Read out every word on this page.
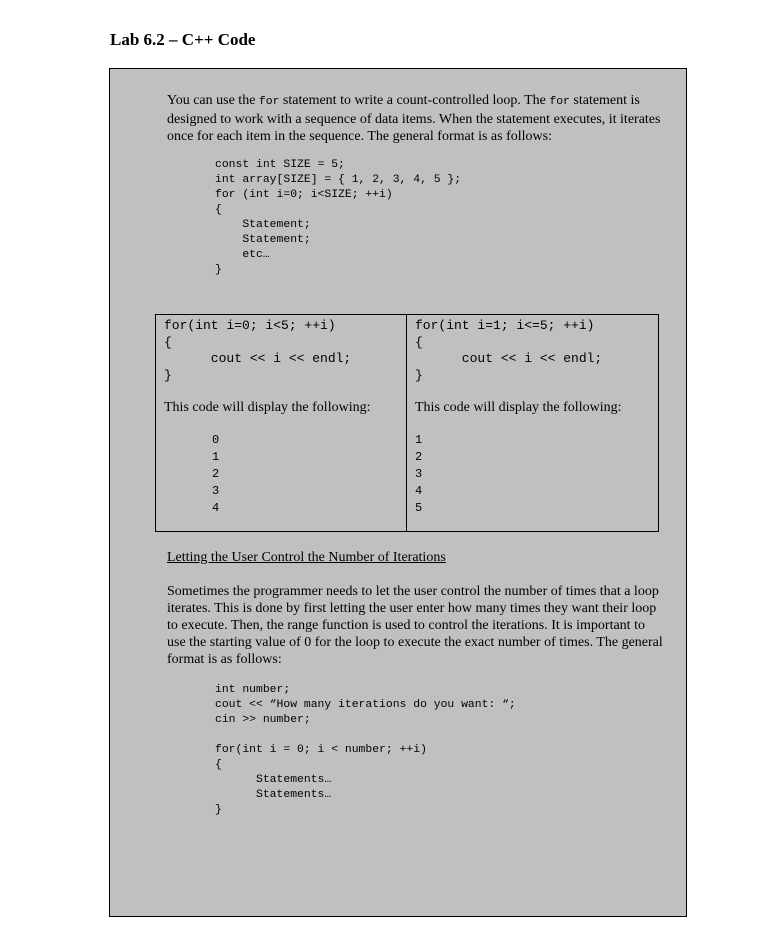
Lab 6.2 – C++ Code
You can use the for statement to write a count-controlled loop. The for statement is designed to work with a sequence of data items. When the statement executes, it iterates once for each item in the sequence. The general format is as follows:
const int SIZE = 5;
int array[SIZE] = { 1, 2, 3, 4, 5 };
for (int i=0; i<SIZE; ++i)
{
Statement;
Statement;
etc…
}
for(int i=0; i<5; ++i)
{
cout << i << endl;
}
This code will display the following:
0
1
2
3
4
for(int i=1; i<=5; ++i)
{
cout << i << endl;
}
This code will display the following:
1
2
3
4
5
Letting the User Control the Number of Iterations
Sometimes the programmer needs to let the user control the number of times that a loop iterates. This is done by first letting the user enter how many times they want their loop to execute. Then, the range function is used to control the iterations. It is important to use the starting value of 0 for the loop to execute the exact number of times. The general format is as follows:
int number;
cout << “How many iterations do you want: “;
cin >> number;
for(int i = 0; i < number; ++i)
{
Statements…
Statements…
}
